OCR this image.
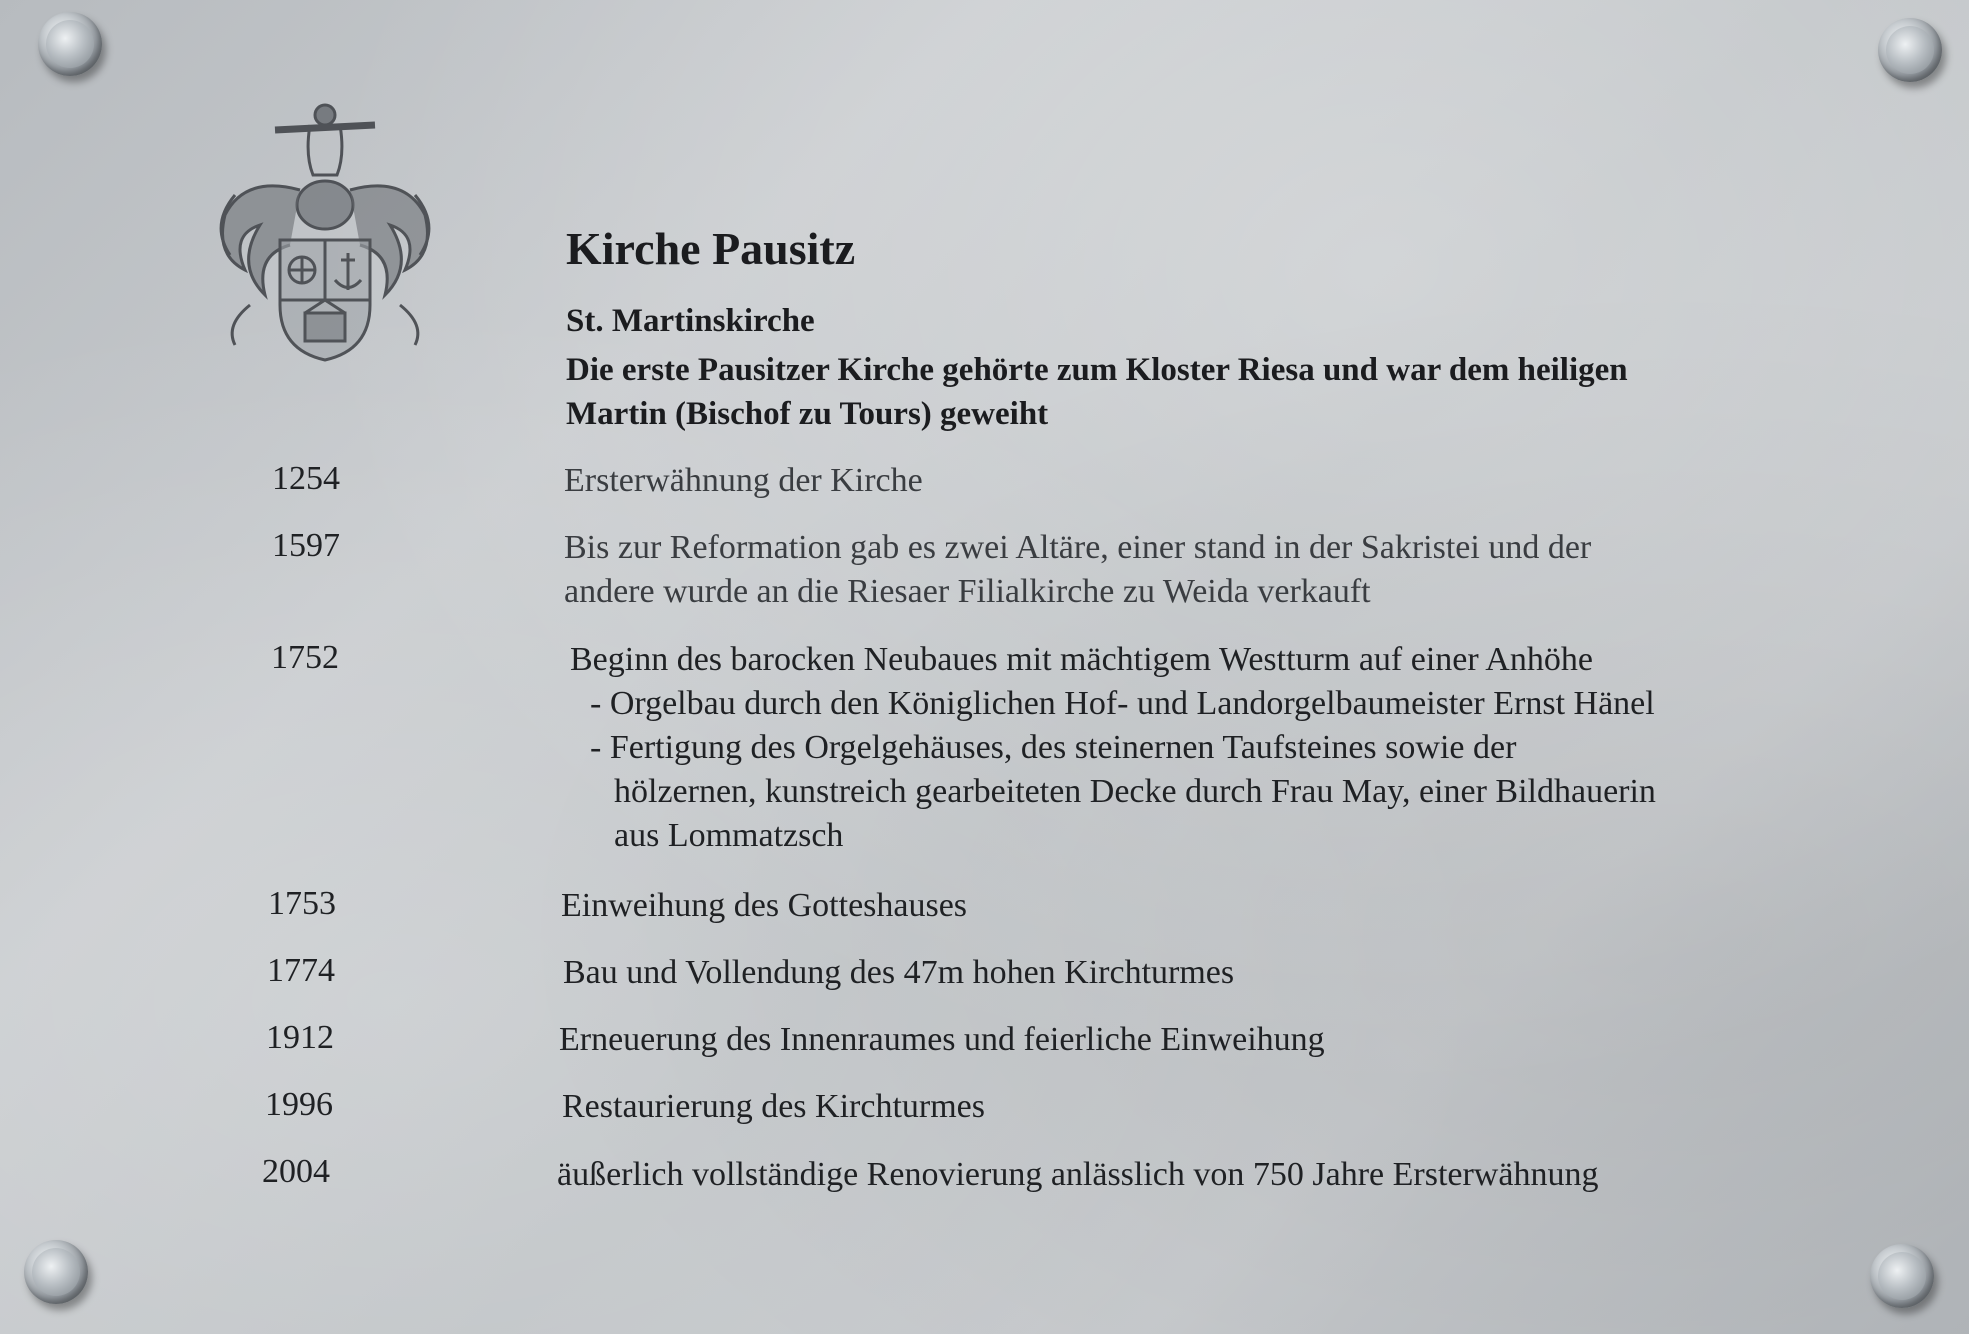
Kirche Pausitz
St. Martinskirche
Die erste Pausitzer Kirche gehörte zum Kloster Riesa und war dem heiligen
Martin (Bischof zu Tours) geweiht
1254	Ersterwähnung der Kirche
1597	Bis zur Reformation gab es zwei Altäre, einer stand in der Sakristei und der
andere wurde an die Riesaer Filialkirche zu Weida verkauft
1752	Beginn des barocken Neubaues mit mächtigem Westturm auf einer Anhöhe
- Orgelbau durch den Königlichen Hof- und Landorgelbaumeister Ernst Hänel
- Fertigung des Orgelgehäuses, des steinernen Taufsteines sowie der
hölzernen, kunstreich gearbeiteten Decke durch Frau May, einer Bildhauerin
aus Lommatzsch
1753	Einweihung des Gotteshauses
1774	Bau und Vollendung des 47m hohen Kirchturmes
1912	Erneuerung des Innenraumes und feierliche Einweihung
1996	Restaurierung des Kirchturmes
2004	äußerlich vollständige Renovierung anlässlich von 750 Jahre Ersterwähnung
